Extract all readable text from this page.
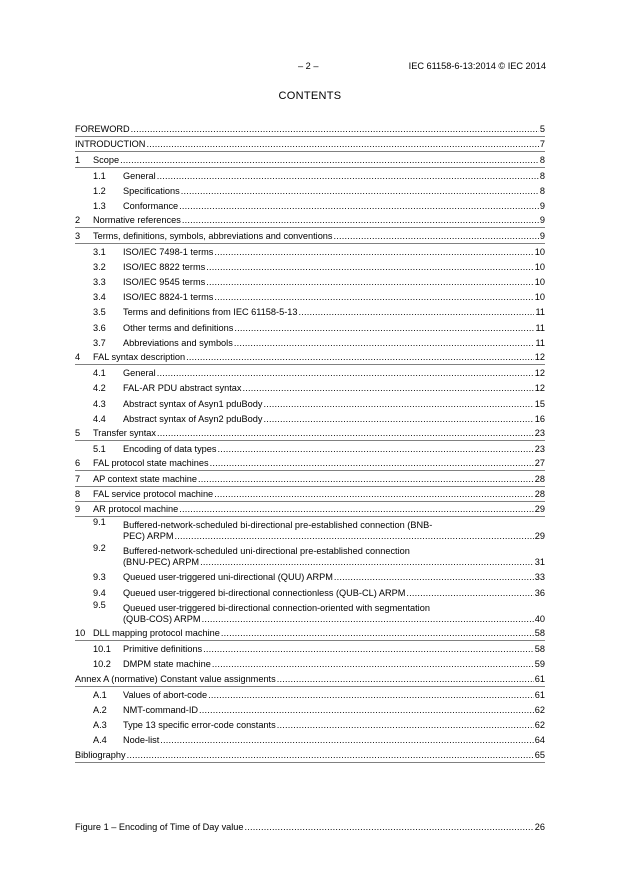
– 2 –	IEC 61158-6-13:2014 © IEC 2014
CONTENTS
FOREWORD .....	5
INTRODUCTION .....	7
1	Scope .....	8
1.1	General .....	8
1.2	Specifications .....	8
1.3	Conformance .....	9
2	Normative references .....	9
3	Terms, definitions, symbols, abbreviations and conventions .....	9
3.1	ISO/IEC 7498-1 terms .....	10
3.2	ISO/IEC 8822 terms .....	10
3.3	ISO/IEC 9545 terms .....	10
3.4	ISO/IEC 8824-1 terms .....	10
3.5	Terms and definitions from IEC 61158-5-13 .....	11
3.6	Other terms and definitions .....	11
3.7	Abbreviations and symbols .....	11
4	FAL syntax description .....	12
4.1	General .....	12
4.2	FAL-AR PDU abstract syntax .....	12
4.3	Abstract syntax of Asyn1 pduBody .....	15
4.4	Abstract syntax of Asyn2 pduBody .....	16
5	Transfer syntax .....	23
5.1	Encoding of data types .....	23
6	FAL protocol state machines .....	27
7	AP context state machine .....	28
8	FAL service protocol machine .....	28
9	AR protocol machine .....	29
9.1	Buffered-network-scheduled bi-directional pre-established connection (BNB-
PEC) ARPM .....	29
9.2	Buffered-network-scheduled uni-directional pre-established connection
(BNU-PEC) ARPM .....	31
9.3	Queued user-triggered uni-directional (QUU) ARPM .....	33
9.4	Queued user-triggered bi-directional connectionless (QUB-CL) ARPM .....	36
9.5	Queued user-triggered bi-directional connection-oriented with segmentation
(QUB-COS) ARPM .....	40
10 DLL mapping protocol machine .....	58
10.1	Primitive definitions .....	58
10.2	DMPM state machine .....	59
Annex A (normative) Constant value assignments .....	61
A.1	Values of abort-code .....	61
A.2	NMT-command-ID .....	62
A.3	Type 13 specific error-code constants .....	62
A.4	Node-list .....	64
Bibliography .....	65
Figure 1 – Encoding of Time of Day value .....	26
